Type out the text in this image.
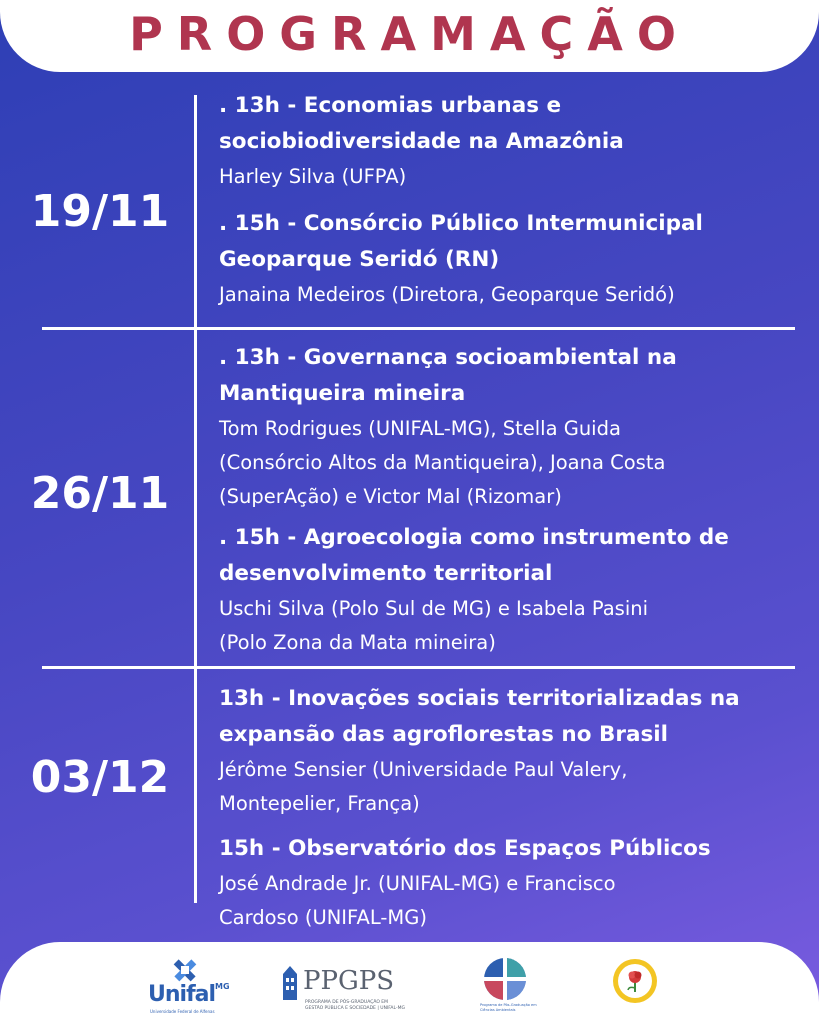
PROGRAMAÇÃO
19/11
. 13h - Economias urbanas e
sociobiodiversidade na Amazônia
Harley Silva (UFPA)
. 15h - Consórcio Público Intermunicipal
Geoparque Seridó (RN)
Janaina Medeiros (Diretora, Geoparque Seridó)
26/11
. 13h - Governança socioambiental na
Mantiqueira mineira
Tom Rodrigues (UNIFAL-MG), Stella Guida
(Consórcio Altos da Mantiqueira), Joana Costa
(SuperAção) e Victor Mal (Rizomar)
. 15h - Agroecologia como instrumento de
desenvolvimento territorial
Uschi Silva (Polo Sul de MG) e Isabela Pasini
(Polo Zona da Mata mineira)
03/12
13h - Inovações sociais territorializadas na
expansão das agroflorestas no Brasil
Jérôme Sensier (Universidade Paul Valery,
Montepelier, França)
15h - Observatório dos Espaços Públicos
José Andrade Jr. (UNIFAL-MG) e Francisco
Cardoso (UNIFAL-MG)
Unifal$^{MG}$
Universidade Federal de Alfenas
PPGPS
PROGRAMA DE PÓS-GRADUAÇÃO EM
GESTÃO PÚBLICA E SOCIEDADE | UNIFAL-MG
Programa de Pós-Graduação em
Ciências Ambientais
